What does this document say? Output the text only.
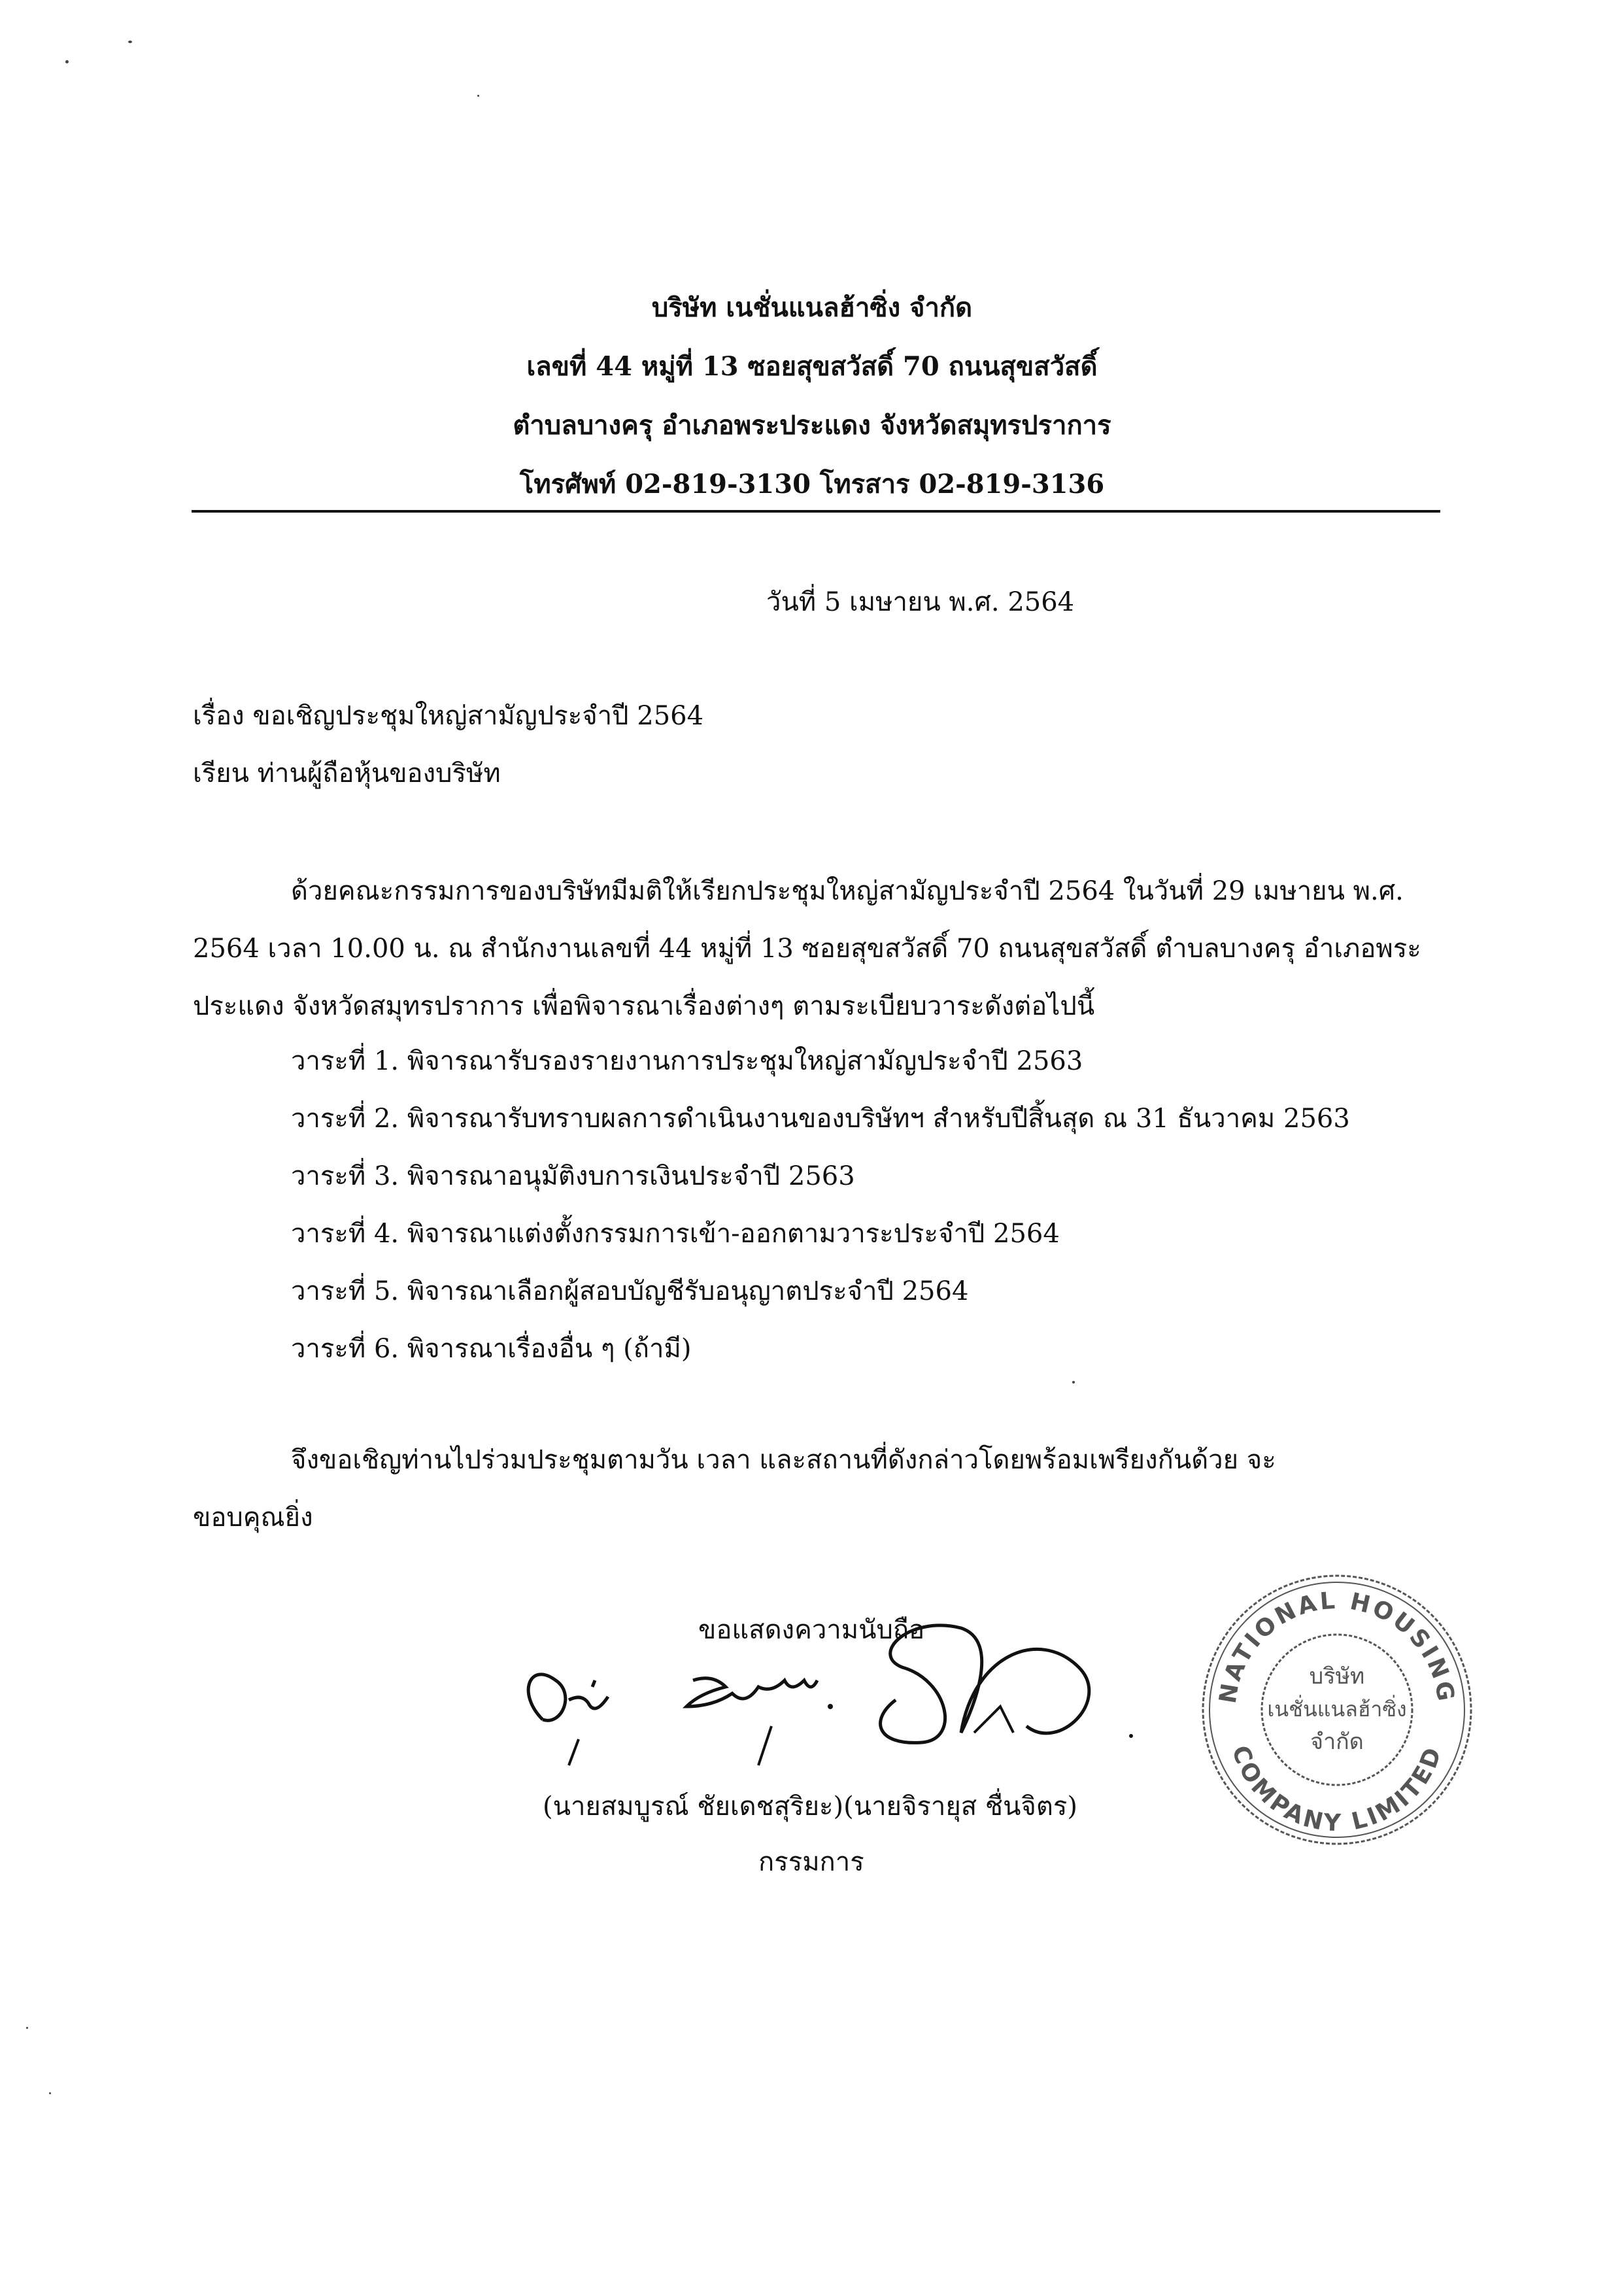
บริษัท เนชั่นแนลฮ้าซิ่ง จำกัด
เลขที่ 44 หมู่ที่ 13 ซอยสุขสวัสดิ์ 70 ถนนสุขสวัสดิ์
ตำบลบางครุ อำเภอพระประแดง จังหวัดสมุทรปราการ
โทรศัพท์ 02-819-3130 โทรสาร 02-819-3136
วันที่ 5 เมษายน พ.ศ. 2564
เรื่อง ขอเชิญประชุมใหญ่สามัญประจำปี 2564
เรียน ท่านผู้ถือหุ้นของบริษัท
ด้วยคณะกรรมการของบริษัทมีมติให้เรียกประชุมใหญ่สามัญประจำปี 2564 ในวันที่ 29 เมษายน พ.ศ.
2564 เวลา 10.00 น. ณ สำนักงานเลขที่ 44 หมู่ที่ 13 ซอยสุขสวัสดิ์ 70 ถนนสุขสวัสดิ์ ตำบลบางครุ อำเภอพระ
ประแดง จังหวัดสมุทรปราการ เพื่อพิจารณาเรื่องต่างๆ ตามระเบียบวาระดังต่อไปนี้
วาระที่ 1. พิจารณารับรองรายงานการประชุมใหญ่สามัญประจำปี 2563
วาระที่ 2. พิจารณารับทราบผลการดำเนินงานของบริษัทฯ สำหรับปีสิ้นสุด ณ 31 ธันวาคม 2563
วาระที่ 3. พิจารณาอนุมัติงบการเงินประจำปี 2563
วาระที่ 4. พิจารณาแต่งตั้งกรรมการเข้า-ออกตามวาระประจำปี 2564
วาระที่ 5. พิจารณาเลือกผู้สอบบัญชีรับอนุญาตประจำปี 2564
วาระที่ 6. พิจารณาเรื่องอื่น ๆ (ถ้ามี)
จึงขอเชิญท่านไปร่วมประชุมตามวัน เวลา และสถานที่ดังกล่าวโดยพร้อมเพรียงกันด้วย จะ
ขอบคุณยิ่ง
ขอแสดงความนับถือ
(นายสมบูรณ์ ชัยเดชสุริยะ)(นายจิรายุส ชื่นจิตร)
กรรมการ
NATIONAL HOUSING
COMPANY LIMITED
บริษัท
เนชั่นแนลฮ้าซิ่ง
จำกัด
